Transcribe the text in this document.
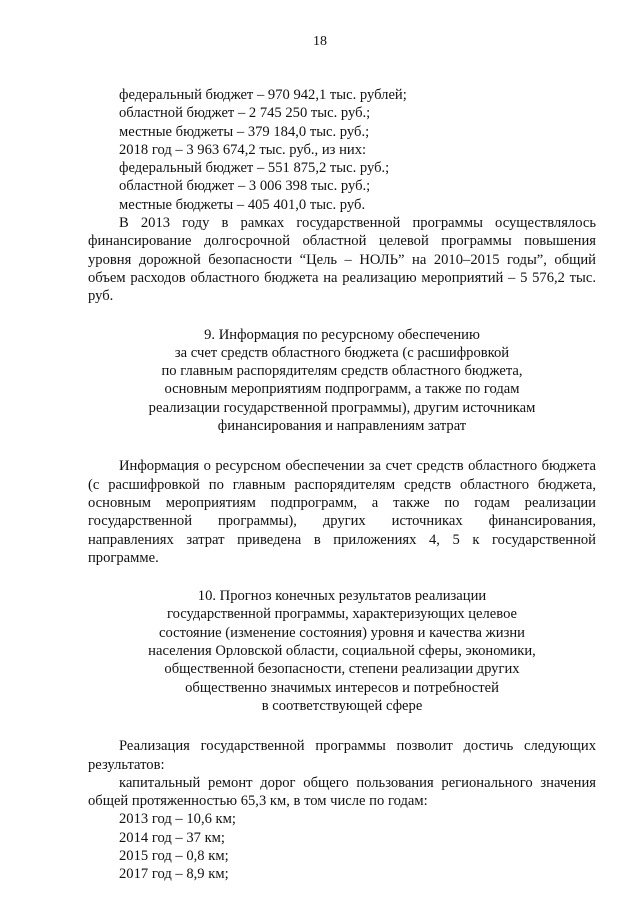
18

федеральный бюджет – 970 942,1 тыс. рублей;

областной бюджет – 2 745 250 тыс. руб.;

местные бюджеты – 379 184,0 тыс. руб.;

2018 год – 3 963 674,2 тыс. руб., из них:

федеральный бюджет – 551 875,2 тыс. руб.;

областной бюджет – 3 006 398 тыс. руб.;

местные бюджеты – 405 401,0 тыс. руб.

В 2013 году в рамках государственной программы осуществлялось финансирование долгосрочной областной целевой программы повышения уровня дорожной безопасности “Цель – НОЛЬ” на 2010–2015 годы”, общий объем расходов областного бюджета на реализацию мероприятий – 5 576,2 тыс. руб.

9. Информация по ресурсному обеспечению
за счет средств областного бюджета (с расшифровкой
по главным распорядителям средств областного бюджета,
основным мероприятиям подпрограмм, а также по годам
реализации государственной программы), другим источникам
финансирования и направлениям затрат

Информация о ресурсном обеспечении за счет средств областного бюджета (с расшифровкой по главным распорядителям средств областного бюджета, основным мероприятиям подпрограмм, а также по годам реализации государственной программы), других источниках финансирования, направлениях затрат приведена в приложениях 4, 5 к государственной программе.

10. Прогноз конечных результатов реализации
государственной программы, характеризующих целевое
состояние (изменение состояния) уровня и качества жизни
населения Орловской области, социальной сферы, экономики,
общественной безопасности, степени реализации других
общественно значимых интересов и потребностей
в соответствующей сфере

Реализация государственной программы позволит достичь следующих результатов:

капитальный ремонт дорог общего пользования регионального значения общей протяженностью 65,3 км, в том числе по годам:

2013 год – 10,6 км;

2014 год – 37 км;

2015 год – 0,8 км;

2017 год – 8,9 км;
